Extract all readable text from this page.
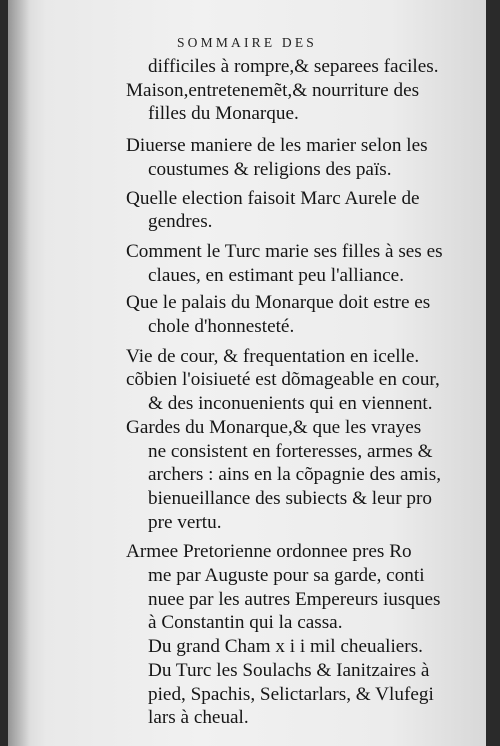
SOMMAIRE DES
difficiles à rompre,& separees faciles.
Maison,entretenemẽt,& nourriture des
filles du Monarque.
Diuerse maniere de les marier selon les
coustumes & religions des païs.
Quelle election faisoit Marc Aurele de
gendres.
Comment le Turc marie ses filles à ses es
claues, en estimant peu l'alliance.
Que le palais du Monarque doit estre es
chole d'honnesteté.
Vie de cour, & frequentation en icelle.
cõbien l'oisiueté est dõmageable en cour,
& des inconuenients qui en viennent.
Gardes du Monarque,& que les vrayes
ne consistent en forteresses, armes &
archers : ains en la cõpagnie des amis,
bienueillance des subiects & leur pro
pre vertu.
Armee Pretorienne ordonnee pres Ro
me par Auguste pour sa garde, conti
nuee par les autres Empereurs iusques
à Constantin qui la cassa.
Du grand Cham x i i mil cheualiers.
Du Turc les Soulachs & Ianitzaires à
pied, Spachis, Selictarlars, & Vlufegi
lars à cheual.
